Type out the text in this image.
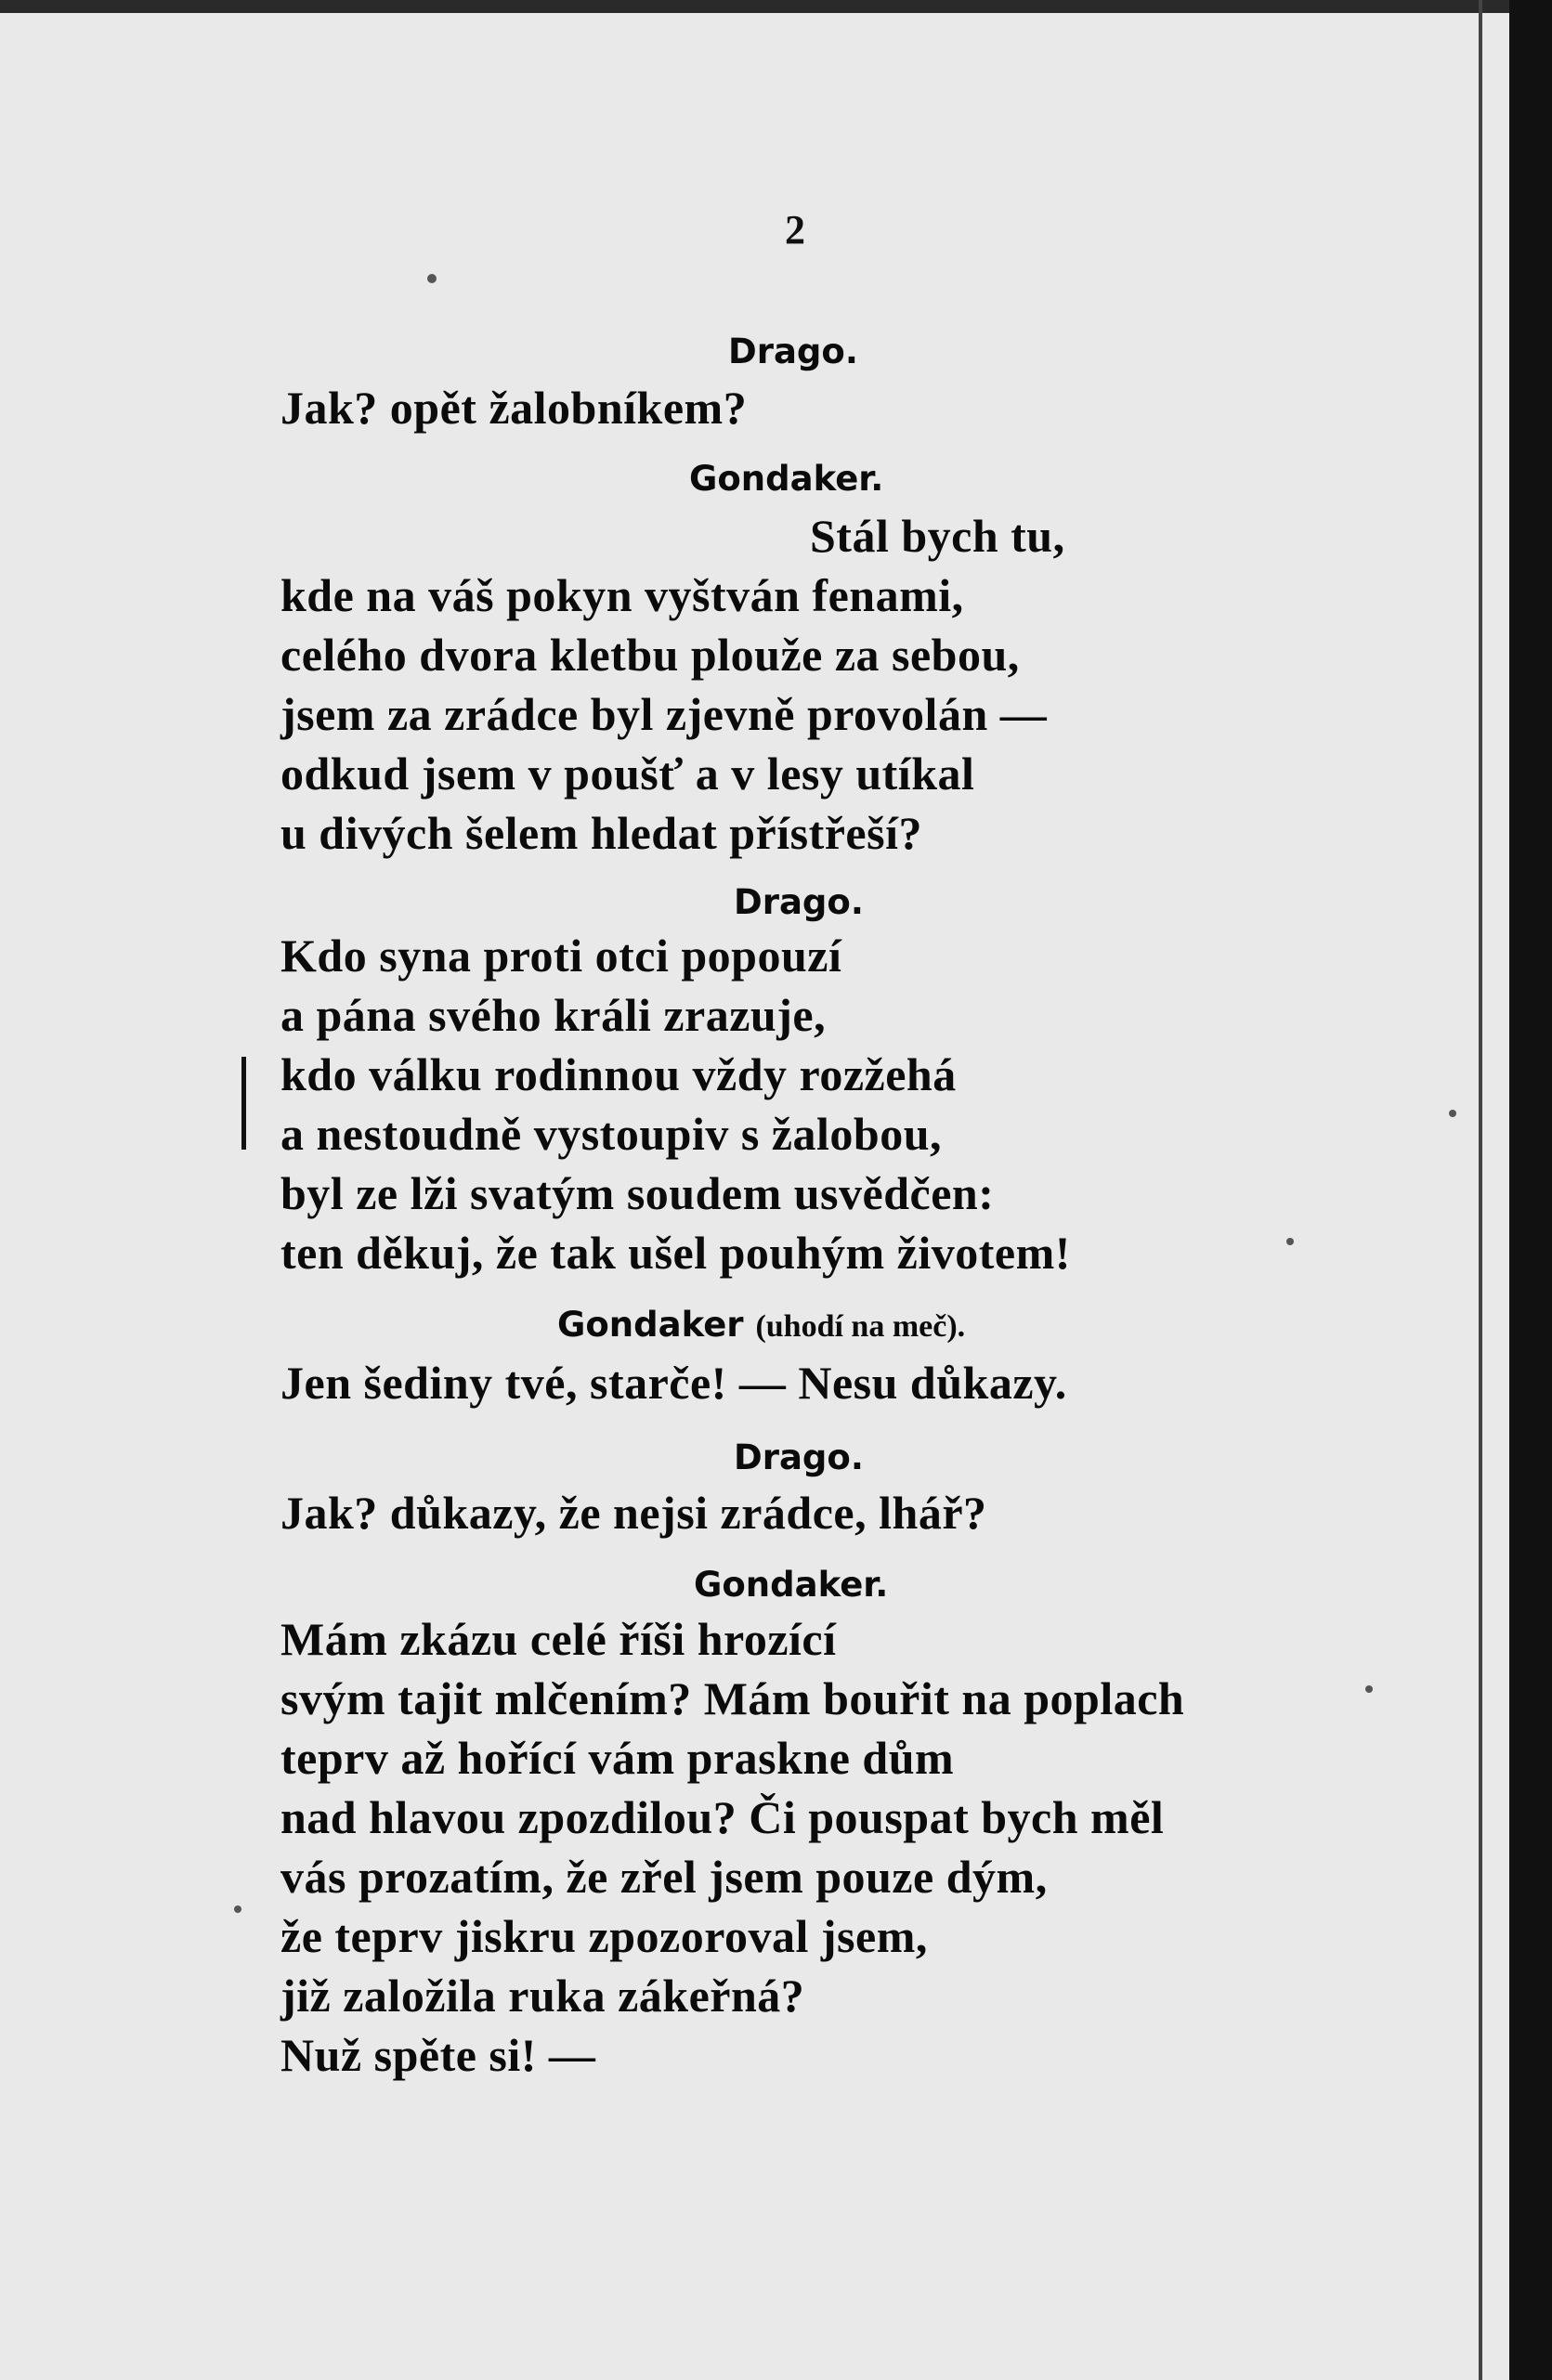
2
Drago.
Jak? opět žalobníkem?
Gondaker.
Stál bych tu,
kde na váš pokyn vyštván fenami,
celého dvora kletbu plouže za sebou,
jsem za zrádce byl zjevně provolán —
odkud jsem v poušť a v lesy utíkal
u divých šelem hledat přístřeší?
Drago.
Kdo syna proti otci popouzí
a pána svého králi zrazuje,
kdo válku rodinnou vždy rozžehá
a nestoudně vystoupiv s žalobou,
byl ze lži svatým soudem usvědčen:
ten děkuj, že tak ušel pouhým životem!
Gondaker (uhodí na meč).
Jen šediny tvé, starče! — Nesu důkazy.
Drago.
Jak? důkazy, že nejsi zrádce, lhář?
Gondaker.
Mám zkázu celé říši hrozící
svým tajit mlčením? Mám bouřit na poplach
teprv až hořící vám praskne dům
nad hlavou zpozdilou? Či pouspat bych měl
vás prozatím, že zřel jsem pouze dým,
že teprv jiskru zpozoroval jsem,
již založila ruka zákeřná?
Nuž spěte si! —
